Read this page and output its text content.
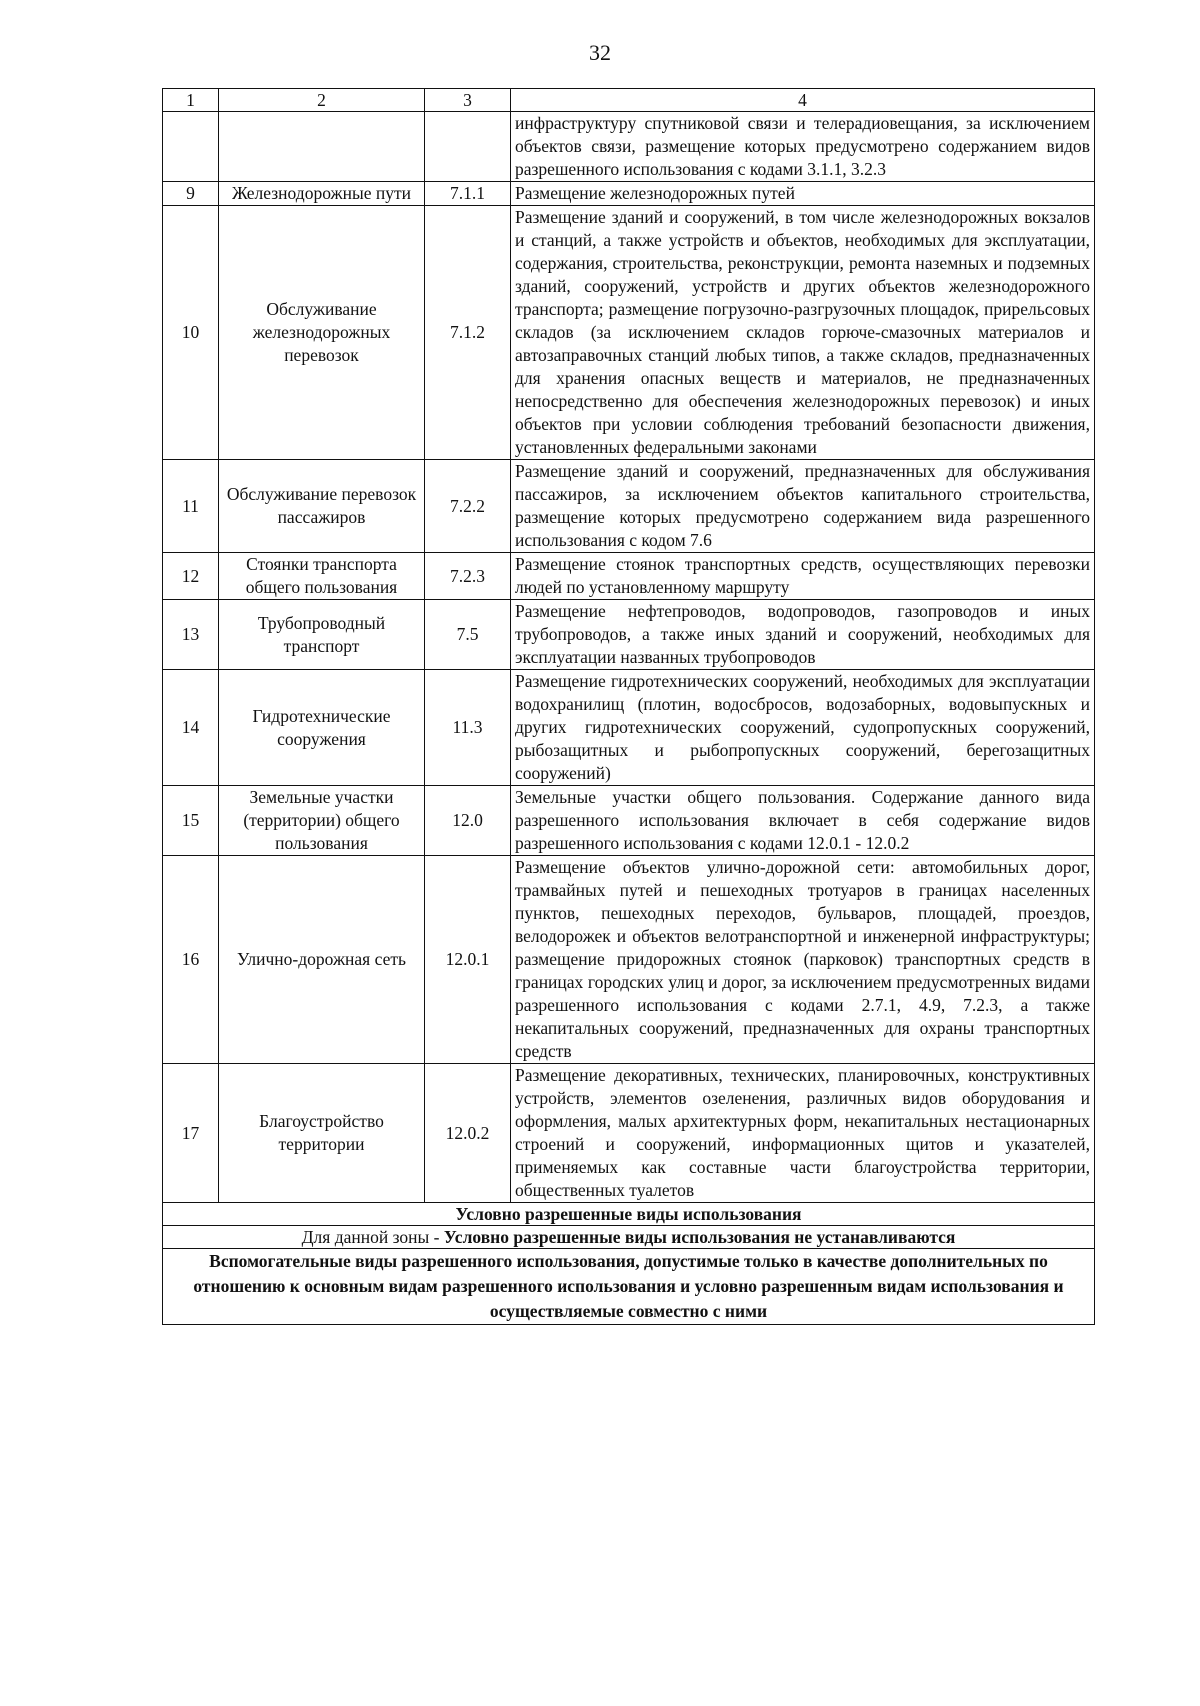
32
1	2	3	4
			инфраструктуру спутниковой связи и телерадиовещания, за исключением объектов связи, размещение которых предусмотрено содержанием видов разрешенного использования с кодами 3.1.1, 3.2.3
9	Железнодорожные пути	7.1.1	Размещение железнодорожных путей
10	Обслуживание железнодорожных перевозок	7.1.2	Размещение зданий и сооружений, в том числе железнодорожных вокзалов и станций, а также устройств и объектов, необходимых для эксплуатации, содержания, строительства, реконструкции, ремонта наземных и подземных зданий, сооружений, устройств и других объектов железнодорожного транспорта; размещение погрузочно-разгрузочных площадок, прирельсовых складов (за исключением складов горюче-смазочных материалов и автозаправочных станций любых типов, а также складов, предназначенных для хранения опасных веществ и материалов, не предназначенных непосредственно для обеспечения железнодорожных перевозок) и иных объектов при условии соблюдения требований безопасности движения, установленных федеральными законами
11	Обслуживание перевозок пассажиров	7.2.2	Размещение зданий и сооружений, предназначенных для обслуживания пассажиров, за исключением объектов капитального строительства, размещение которых предусмотрено содержанием вида разрешенного использования с кодом 7.6
12	Стоянки транспорта общего пользования	7.2.3	Размещение стоянок транспортных средств, осуществляющих перевозки людей по установленному маршруту
13	Трубопроводный транспорт	7.5	Размещение нефтепроводов, водопроводов, газопроводов и иных трубопроводов, а также иных зданий и сооружений, необходимых для эксплуатации названных трубопроводов
14	Гидротехнические сооружения	11.3	Размещение гидротехнических сооружений, необходимых для эксплуатации водохранилищ (плотин, водосбросов, водозаборных, водовыпускных и других гидротехнических сооружений, судопропускных сооружений, рыбозащитных и рыбопропускных сооружений, берегозащитных сооружений)
15	Земельные участки (территории) общего пользования	12.0	Земельные участки общего пользования. Содержание данного вида разрешенного использования включает в себя содержание видов разрешенного использования с кодами 12.0.1 - 12.0.2
16	Улично-дорожная сеть	12.0.1	Размещение объектов улично-дорожной сети: автомобильных дорог, трамвайных путей и пешеходных тротуаров в границах населенных пунктов, пешеходных переходов, бульваров, площадей, проездов, велодорожек и объектов велотранспортной и инженерной инфраструктуры; размещение придорожных стоянок (парковок) транспортных средств в границах городских улиц и дорог, за исключением предусмотренных видами разрешенного использования с кодами 2.7.1, 4.9, 7.2.3, а также некапитальных сооружений, предназначенных для охраны транспортных средств
17	Благоустройство территории	12.0.2	Размещение декоративных, технических, планировочных, конструктивных устройств, элементов озеленения, различных видов оборудования и оформления, малых архитектурных форм, некапитальных нестационарных строений и сооружений, информационных щитов и указателей, применяемых как составные части благоустройства территории, общественных туалетов
Условно разрешенные виды использования			
Для данной зоны - Условно разрешенные виды использования не устанавливаются			
Вспомогательные виды разрешенного использования, допустимые только в качестве дополнительных по отношению к основным видам разрешенного использования и условно разрешенным видам использования и осуществляемые совместно с ними			
